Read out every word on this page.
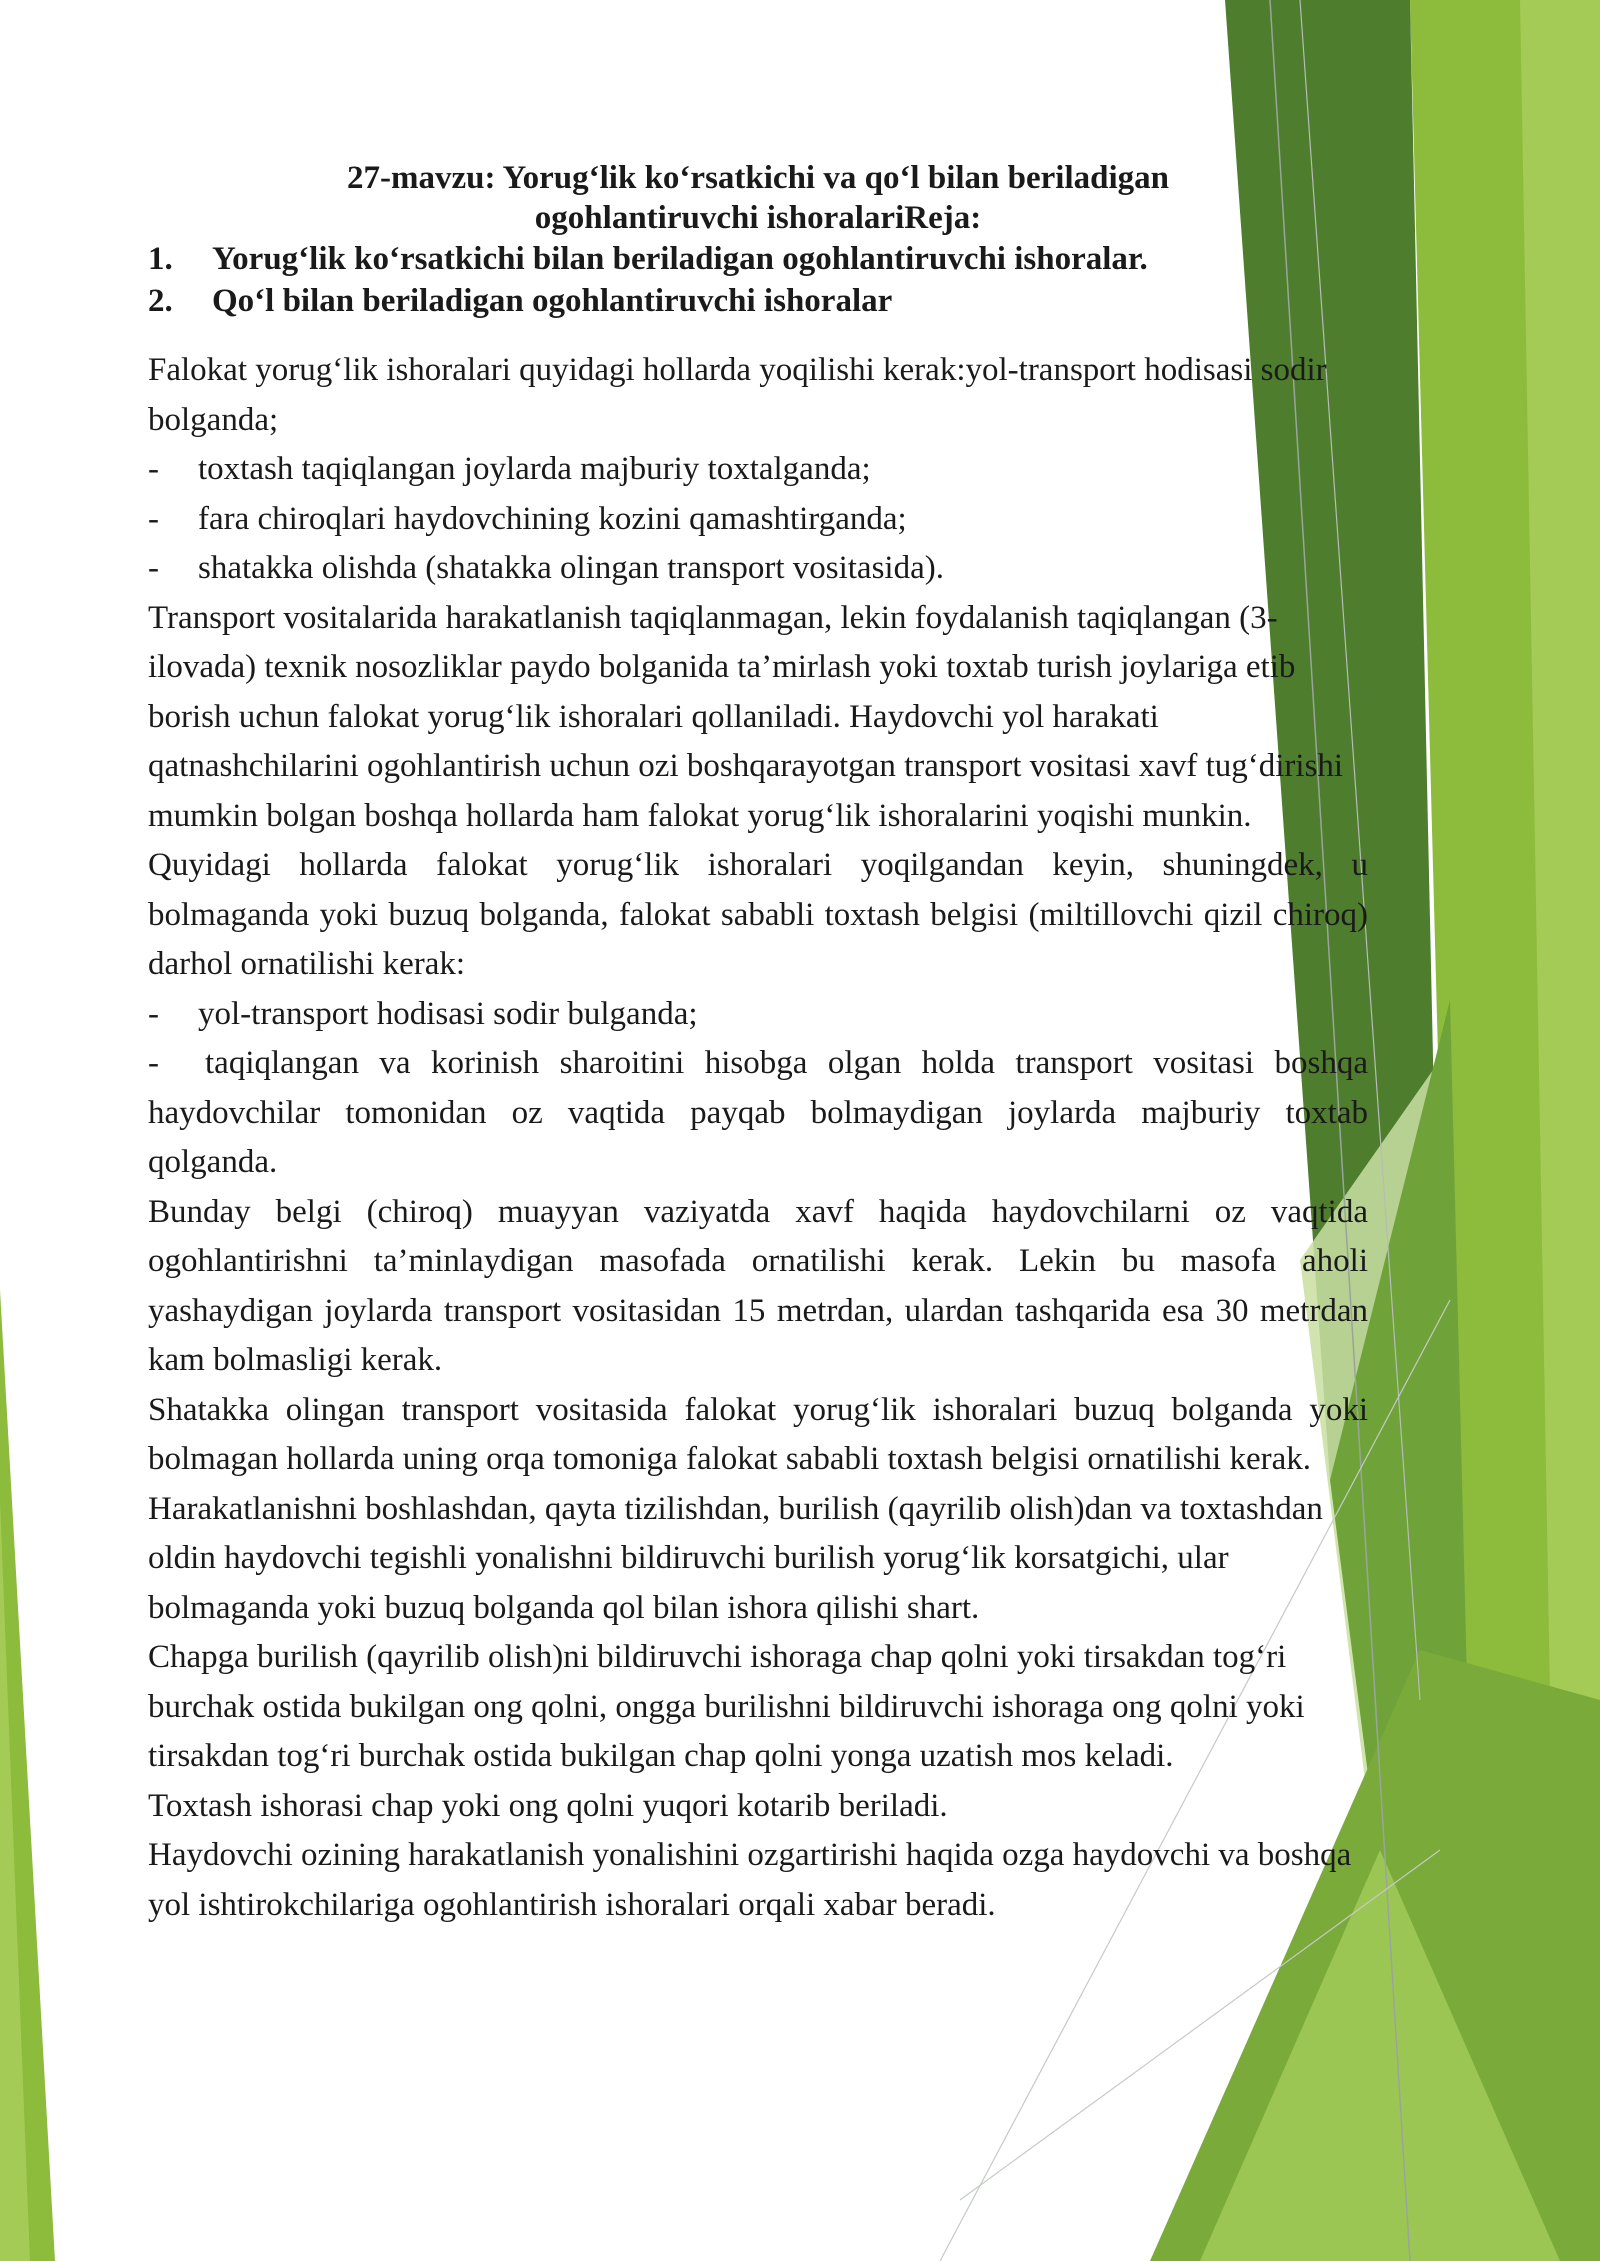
27-mavzu: Yorug‘lik ko‘rsatkichi va qo‘l bilan beriladigan
ogohlantiruvchi ishoralariReja:
1.	Yorug‘lik ko‘rsatkichi bilan beriladigan ogohlantiruvchi ishoralar.
2.	Qo‘l bilan beriladigan ogohlantiruvchi ishoralar

Falokat yorug‘lik ishoralari quyidagi hollarda yoqilishi kerak:yol-transport hodisasi sodir bolganda;

-	toxtash taqiqlangan joylarda majburiy toxtalganda;
-	fara chiroqlari haydovchining kozini qamashtirganda;
-	shatakka olishda (shatakka olingan transport vositasida).

Transport vositalarida harakatlanish taqiqlanmagan, lekin foydalanish taqiqlangan (3- ilovada) texnik nosozliklar paydo bolganida ta’mirlash yoki toxtab turish joylariga etib borish uchun falokat yorug‘lik ishoralari qollaniladi. Haydovchi yol harakati qatnashchilarini ogohlantirish uchun ozi boshqarayotgan transport vositasi xavf tug‘dirishi mumkin bolgan boshqa hollarda ham falokat yorug‘lik ishoralarini yoqishi munkin.

Quyidagi hollarda falokat yorug‘lik ishoralari yoqilgandan keyin, shuningdek, u bolmaganda yoki buzuq bolganda, falokat sababli toxtash belgisi (miltillovchi qizil chiroq) darhol ornatilishi kerak:

-	yol-transport hodisasi sodir bulganda;

- taqiqlangan va korinish sharoitini hisobga olgan holda transport vositasi boshqa haydovchilar tomonidan oz vaqtida payqab bolmaydigan joylarda majburiy toxtab qolganda.

Bunday belgi (chiroq) muayyan vaziyatda xavf haqida haydovchilarni oz vaqtida ogohlantirishni ta’minlaydigan masofada ornatilishi kerak. Lekin bu masofa aholi yashaydigan joylarda transport vositasidan 15 metrdan, ulardan tashqarida esa 30 metrdan kam bolmasligi kerak.

Shatakka olingan transport vositasida falokat yorug‘lik ishoralari buzuq bolganda yoki bolmagan hollarda uning orqa tomoniga falokat sababli toxtash belgisi ornatilishi kerak.

Harakatlanishni boshlashdan, qayta tizilishdan, burilish (qayrilib olish)dan va toxtashdan oldin haydovchi tegishli yonalishni bildiruvchi burilish yorug‘lik korsatgichi, ular bolmaganda yoki buzuq bolganda qol bilan ishora qilishi shart.

Chapga burilish (qayrilib olish)ni bildiruvchi ishoraga chap qolni yoki tirsakdan tog‘ri burchak ostida bukilgan ong qolni, ongga burilishni bildiruvchi ishoraga ong qolni yoki tirsakdan tog‘ri burchak ostida bukilgan chap qolni yonga uzatish mos keladi.

Toxtash ishorasi chap yoki ong qolni yuqori kotarib beriladi.

Haydovchi ozining harakatlanish yonalishini ozgartirishi haqida ozga haydovchi va boshqa yol ishtirokchilariga ogohlantirish ishoralari orqali xabar beradi.
